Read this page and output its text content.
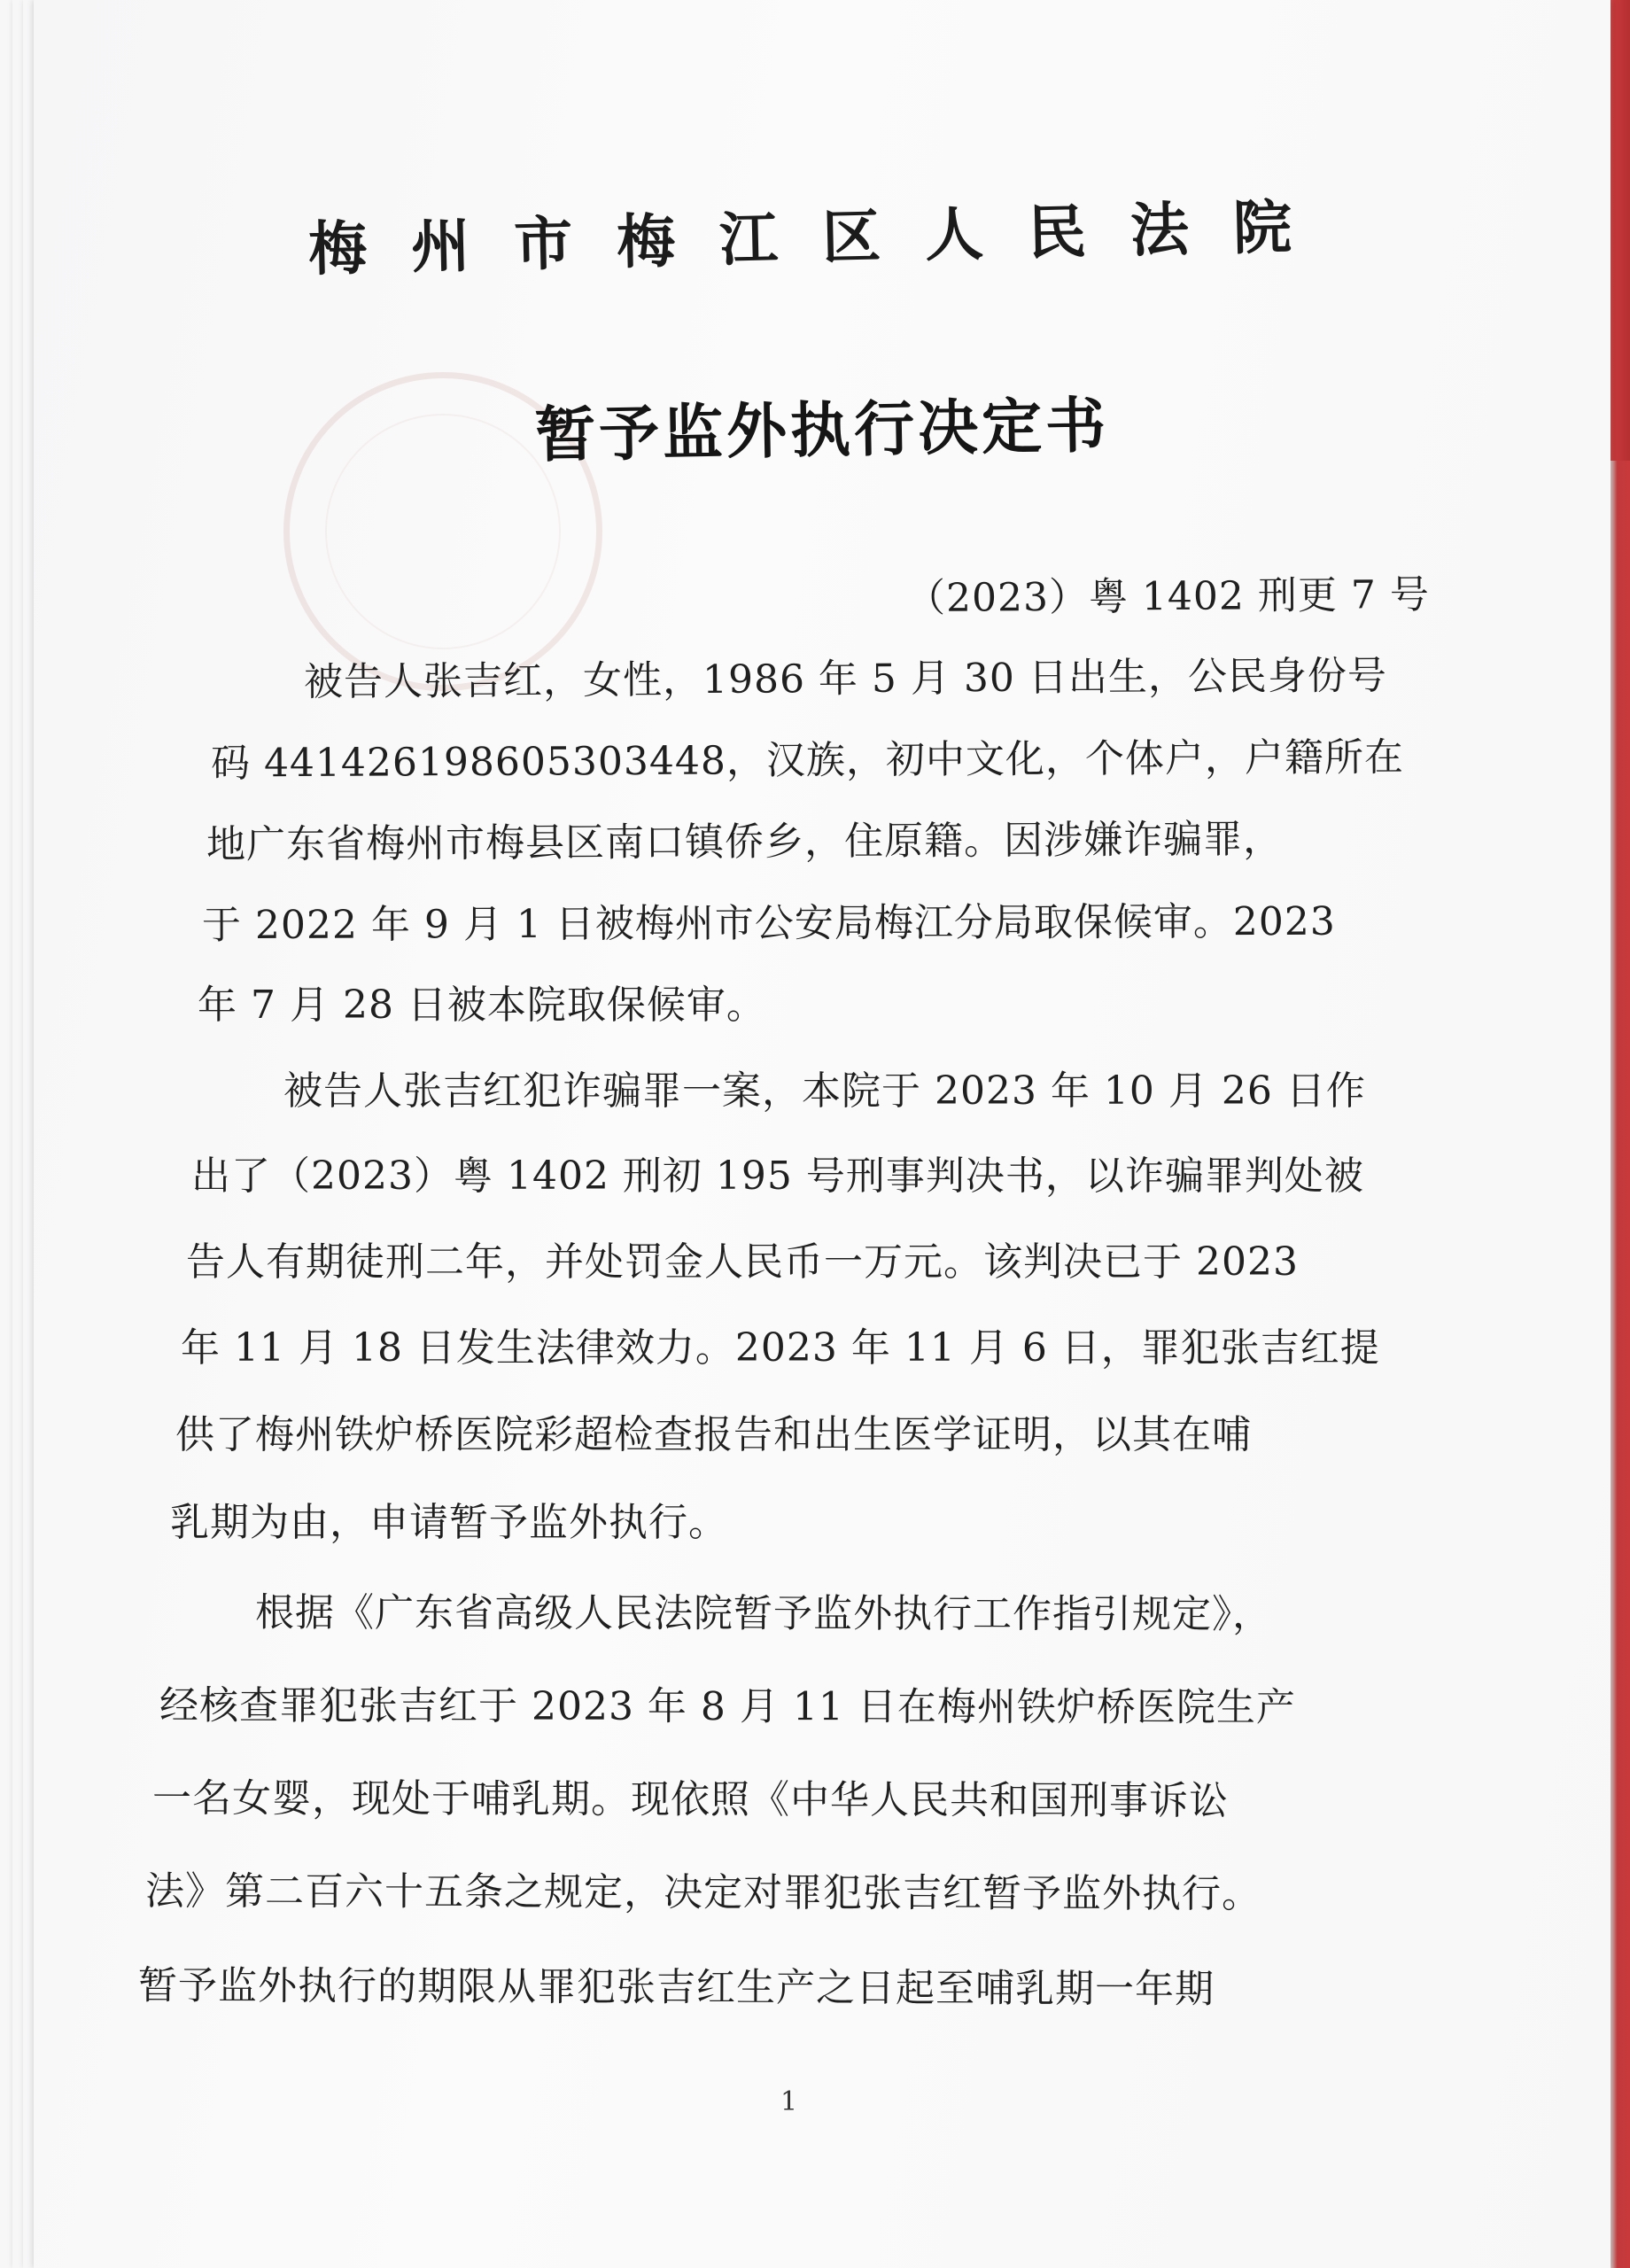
梅州市梅江区人民法院
暂予监外执行决定书
（2023）粤 1402 刑更 7 号
被告人张吉红，女性，1986 年 5 月 30 日出生，公民身份号
码 441426198605303448，汉族，初中文化，个体户，户籍所在
地广东省梅州市梅县区南口镇侨乡，住原籍。因涉嫌诈骗罪，
于 2022 年 9 月 1 日被梅州市公安局梅江分局取保候审。2023
年 7 月 28 日被本院取保候审。
被告人张吉红犯诈骗罪一案，本院于 2023 年 10 月 26 日作
出了（2023）粤 1402 刑初 195 号刑事判决书，以诈骗罪判处被
告人有期徒刑二年，并处罚金人民币一万元。该判决已于 2023
年 11 月 18 日发生法律效力。2023 年 11 月 6 日，罪犯张吉红提
供了梅州铁炉桥医院彩超检查报告和出生医学证明，以其在哺
乳期为由，申请暂予监外执行。
根据《广东省高级人民法院暂予监外执行工作指引规定》，
经核查罪犯张吉红于 2023 年 8 月 11 日在梅州铁炉桥医院生产
一名女婴，现处于哺乳期。现依照《中华人民共和国刑事诉讼
法》第二百六十五条之规定，决定对罪犯张吉红暂予监外执行。
暂予监外执行的期限从罪犯张吉红生产之日起至哺乳期一年期
1
